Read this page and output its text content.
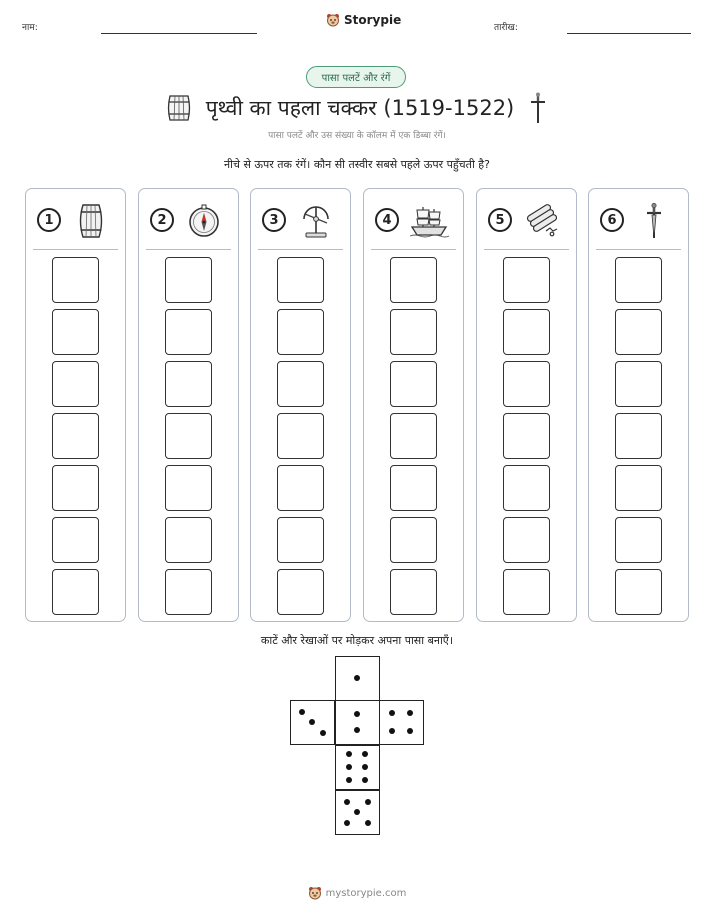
नाम:
Storypie
तारीख:
पासा पलटें और रंगें
पृथ्वी का पहला चक्कर (1519-1522)
पासा पलटें और उस संख्या के कॉलम में एक डिब्बा रंगें।
नीचे से ऊपर तक रंगें। कौन सी तस्वीर सबसे पहले ऊपर पहुँचती है?
1	2	3	4	5	6
काटें और रेखाओं पर मोड़कर अपना पासा बनाएँ।
mystorypie.com
